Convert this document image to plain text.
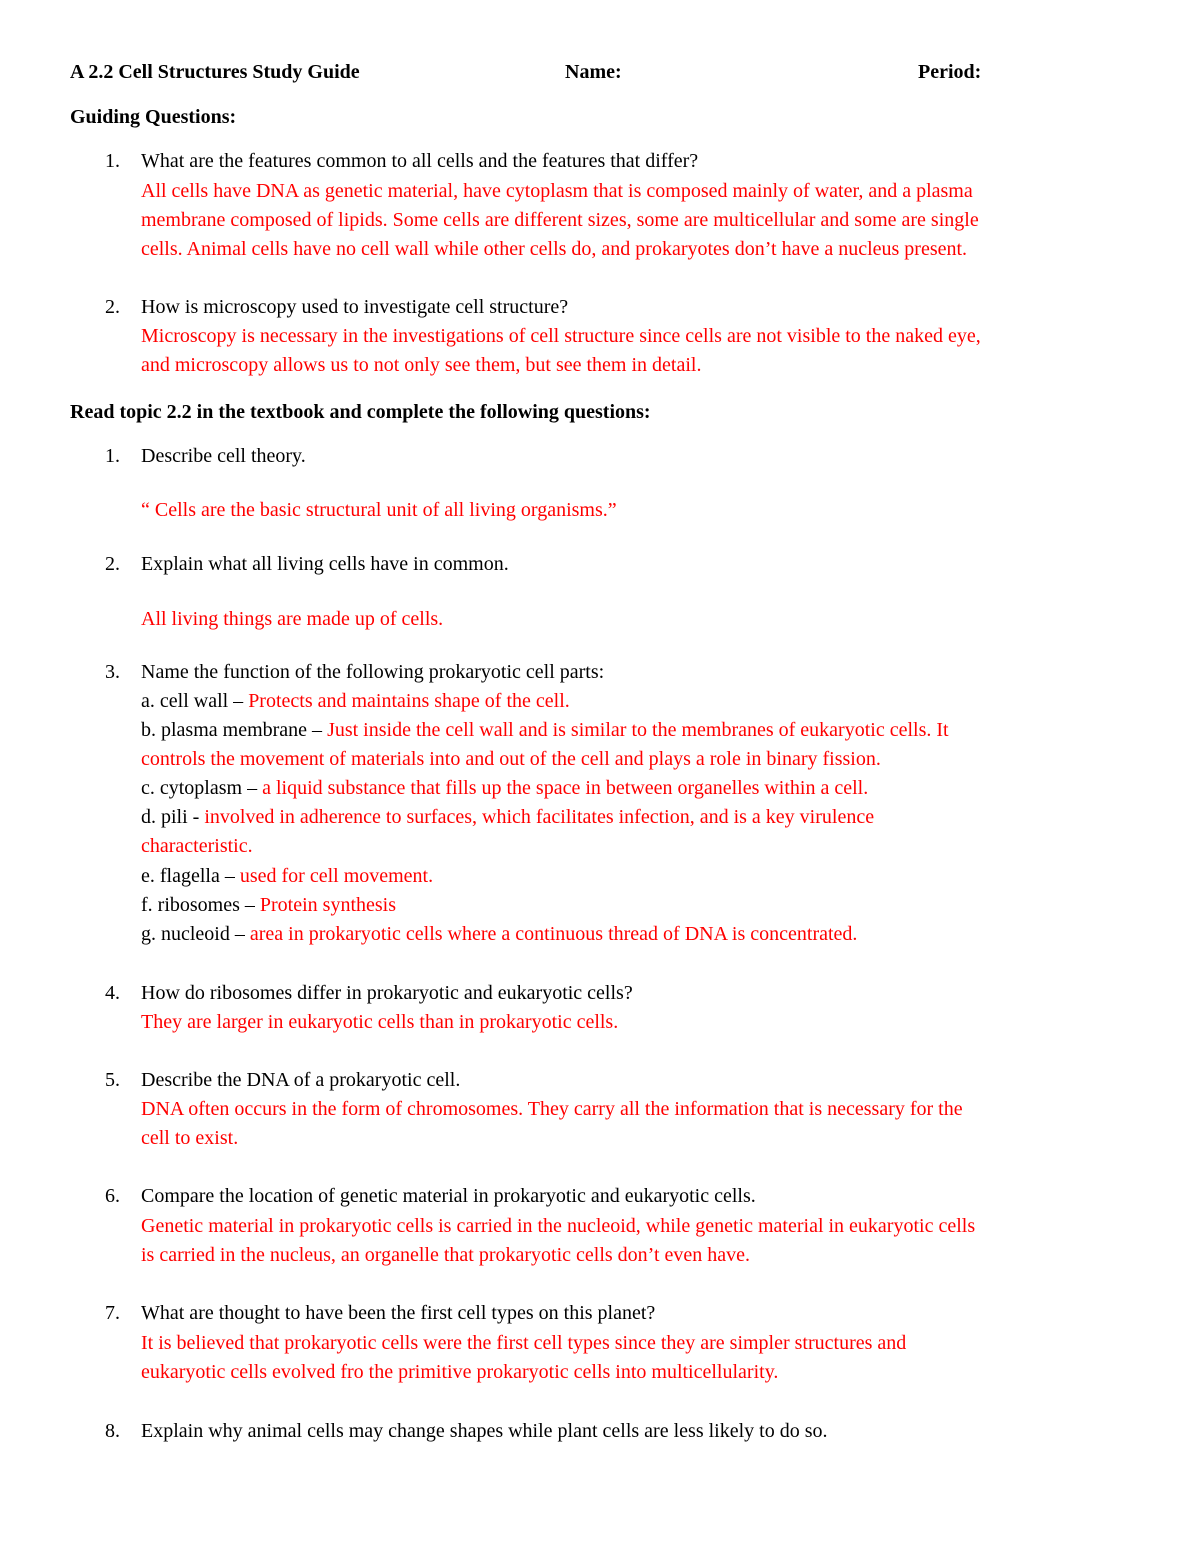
A 2.2 Cell Structures Study Guide	Name:	Period:
Guiding Questions:
1. What are the features common to all cells and the features that differ?
All cells have DNA as genetic material, have cytoplasm that is composed mainly of water, and a plasma
membrane composed of lipids. Some cells are different sizes, some are multicellular and some are single
cells. Animal cells have no cell wall while other cells do, and prokaryotes don’t have a nucleus present.
2. How is microscopy used to investigate cell structure?
Microscopy is necessary in the investigations of cell structure since cells are not visible to the naked eye,
and microscopy allows us to not only see them, but see them in detail.
Read topic 2.2 in the textbook and complete the following questions:
1. Describe cell theory.
“ Cells are the basic structural unit of all living organisms.”
2. Explain what all living cells have in common.
All living things are made up of cells.
3. Name the function of the following prokaryotic cell parts:
a. cell wall – Protects and maintains shape of the cell.
b. plasma membrane – Just inside the cell wall and is similar to the membranes of eukaryotic cells. It
controls the movement of materials into and out of the cell and plays a role in binary fission.
c. cytoplasm – a liquid substance that fills up the space in between organelles within a cell.
d. pili - involved in adherence to surfaces, which facilitates infection, and is a key virulence
characteristic.
e. flagella – used for cell movement.
f. ribosomes – Protein synthesis
g. nucleoid – area in prokaryotic cells where a continuous thread of DNA is concentrated.
4. How do ribosomes differ in prokaryotic and eukaryotic cells?
They are larger in eukaryotic cells than in prokaryotic cells.
5. Describe the DNA of a prokaryotic cell.
DNA often occurs in the form of chromosomes. They carry all the information that is necessary for the
cell to exist.
6. Compare the location of genetic material in prokaryotic and eukaryotic cells.
Genetic material in prokaryotic cells is carried in the nucleoid, while genetic material in eukaryotic cells
is carried in the nucleus, an organelle that prokaryotic cells don’t even have.
7. What are thought to have been the first cell types on this planet?
It is believed that prokaryotic cells were the first cell types since they are simpler structures and
eukaryotic cells evolved fro the primitive prokaryotic cells into multicellularity.
8. Explain why animal cells may change shapes while plant cells are less likely to do so.
